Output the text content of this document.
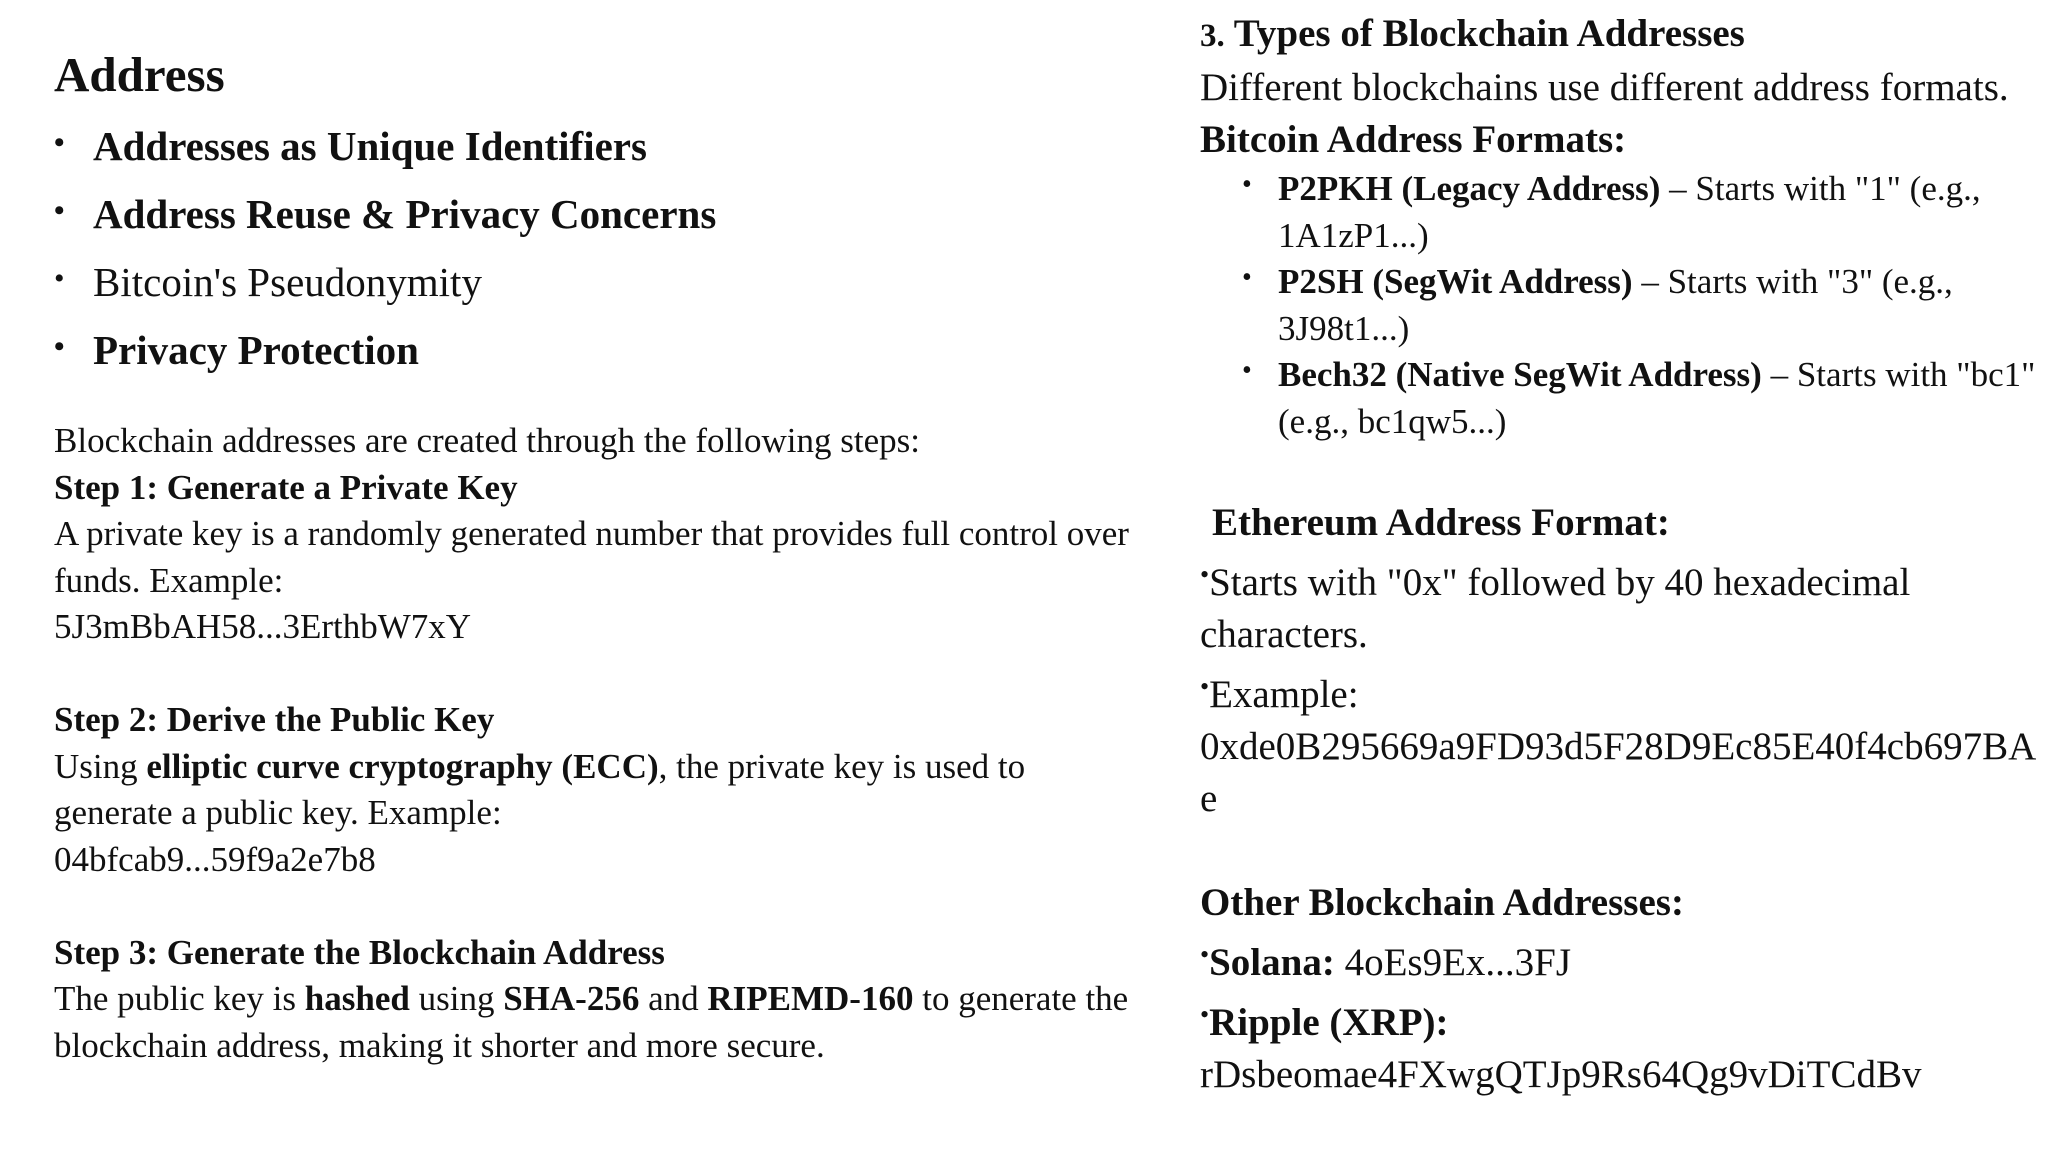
Address
• Addresses as Unique Identifiers
• Address Reuse & Privacy Concerns
• Bitcoin's Pseudonymity
• Privacy Protection
Blockchain addresses are created through the following steps:
Step 1: Generate a Private Key
A private key is a randomly generated number that provides full control over funds. Example:
5J3mBbAH58...3ErthbW7xY
Step 2: Derive the Public Key
Using elliptic curve cryptography (ECC), the private key is used to generate a public key. Example:
04bfcab9...59f9a2e7b8
Step 3: Generate the Blockchain Address
The public key is hashed using SHA-256 and RIPEMD-160 to generate the blockchain address, making it shorter and more secure.
3. Types of Blockchain Addresses
Different blockchains use different address formats.
Bitcoin Address Formats:
• P2PKH (Legacy Address) – Starts with "1" (e.g., 1A1zP1...)
• P2SH (SegWit Address) – Starts with "3" (e.g., 3J98t1...)
• Bech32 (Native SegWit Address) – Starts with "bc1" (e.g., bc1qw5...)
Ethereum Address Format:
•Starts with "0x" followed by 40 hexadecimal characters.
•Example:
0xde0B295669a9FD93d5F28D9Ec85E40f4cb697BAe
Other Blockchain Addresses:
•Solana: 4oEs9Ex...3FJ
•Ripple (XRP):
rDsbeomae4FXwgQTJp9Rs64Qg9vDiTCdBv
